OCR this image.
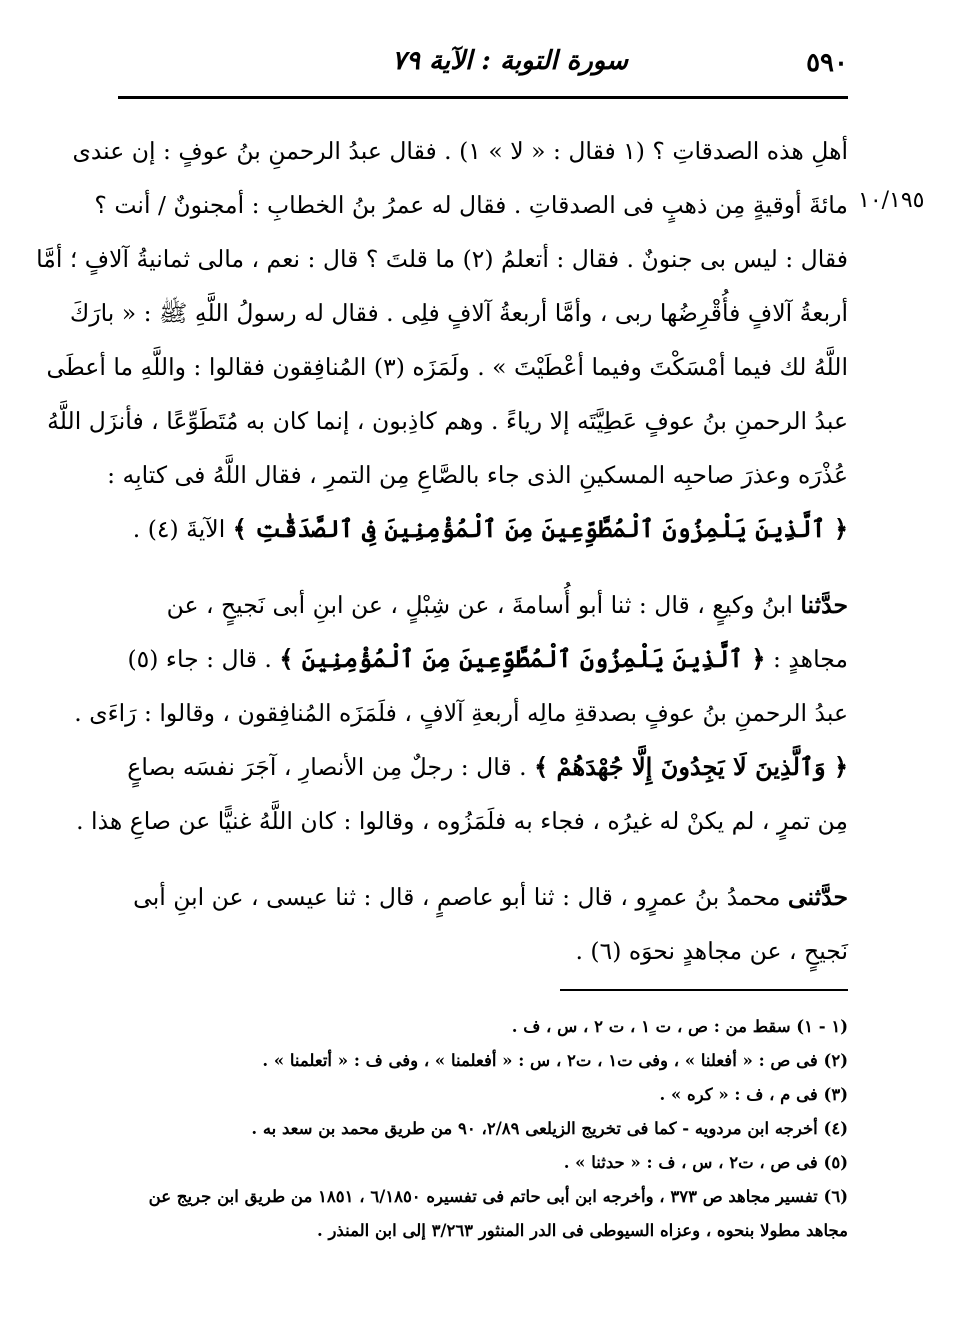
٥٩٠
سورة التوبة : الآية ٧٩
١٠/١٩٥
أهلِ هذه الصدقاتِ ؟ (١ فقال : « لا » ١) . فقال عبدُ الرحمنِ بنُ عوفٍ : إن عندى
مائةَ أوقيةٍ مِن ذهبٍ فى الصدقاتِ . فقال له عمرُ بنُ الخطابِ : أمجنونٌ / أنت ؟
فقال : ليس بى جنونٌ . فقال : أتعلمُ (٢) ما قلتَ ؟ قال : نعم ، مالى ثمانيةُ آلافٍ ؛ أمَّا
أربعةُ آلافٍ فأُقْرِضُها ربى ، وأمَّا أربعةُ آلافٍ فلِى . فقال له رسولُ اللَّهِ ﷺ : « بارَكَ
اللَّهُ لك فيما أمْسَكْتَ وفيما أعْطَيْتَ » . ولَمَزَه (٣) المُنافِقون فقالوا : واللَّهِ ما أعطَى
عبدُ الرحمنِ بنُ عوفٍ عَطِيَّتَه إلا رياءً . وهم كاذِبون ، إنما كان به مُتَطَوِّعًا ، فأنزَل اللَّهُ
عُذْرَه وعذرَ صاحبِه المسكينِ الذى جاء بالصَّاعِ مِن التمرِ ، فقال اللَّهُ فى كتابِه :
﴿ ٱلَّذِينَ يَلْمِزُونَ ٱلْمُطَّوِّعِينَ مِنَ ٱلْمُؤْمِنِينَ فِى ٱلصَّدَقَٰتِ ﴾ الآيةَ (٤) .
حدَّثنا ابنُ وكيعٍ ، قال : ثنا أبو أُسامةَ ، عن شِبْلٍ ، عن ابنِ أبى نَجيحٍ ، عن
مجاهدٍ : ﴿ ٱلَّذِينَ يَلْمِزُونَ ٱلْمُطَّوِّعِينَ مِنَ ٱلْمُؤْمِنِينَ ﴾ . قال : جاء (٥)
عبدُ الرحمنِ بنُ عوفٍ بصدقةِ مالِه أربعةِ آلافٍ ، فلَمَزَه المُنافِقون ، وقالوا : رَاءَى .
﴿ وَٱلَّذِينَ لَا يَجِدُونَ إِلَّا جُهْدَهُمْ ﴾ . قال : رجلٌ مِن الأنصارِ ، آجَرَ نفسَه بصاعٍ
مِن تمرٍ ، لم يكنْ له غيرُه ، فجاء به فلَمَزُوه ، وقالوا : كان اللَّهُ غنيًّا عن صاعِ هذا .
حدَّثنى محمدُ بنُ عمرٍو ، قال : ثنا أبو عاصمٍ ، قال : ثنا عيسى ، عن ابنِ أبى
نَجيحٍ ، عن مجاهدٍ نحوَه (٦) .
(١ - ١) سقط من : ص ، ت ١ ، ت ٢ ، س ، ف .
(٢) فى ص : « أفعلنا » ، وفى ت١ ، ت٢ ، س : « أفعلمنا » ، وفى ف : « أتعلمنا » .
(٣) فى م ، ف : « كره » .
(٤) أخرجه ابن مردويه - كما فى تخريج الزيلعى ٢/٨٩، ٩٠ من طريق محمد بن سعد به .
(٥) فى ص ، ت٢ ، س ، ف : « حدثنا » .
(٦) تفسير مجاهد ص ٣٧٣ ، وأخرجه ابن أبى حاتم فى تفسيره ٦/١٨٥٠ ، ١٨٥١ من طريق ابن جريج عن
مجاهد مطولا بنحوه ، وعزاه السيوطى فى الدر المنثور ٣/٢٦٣ إلى ابن المنذر .
